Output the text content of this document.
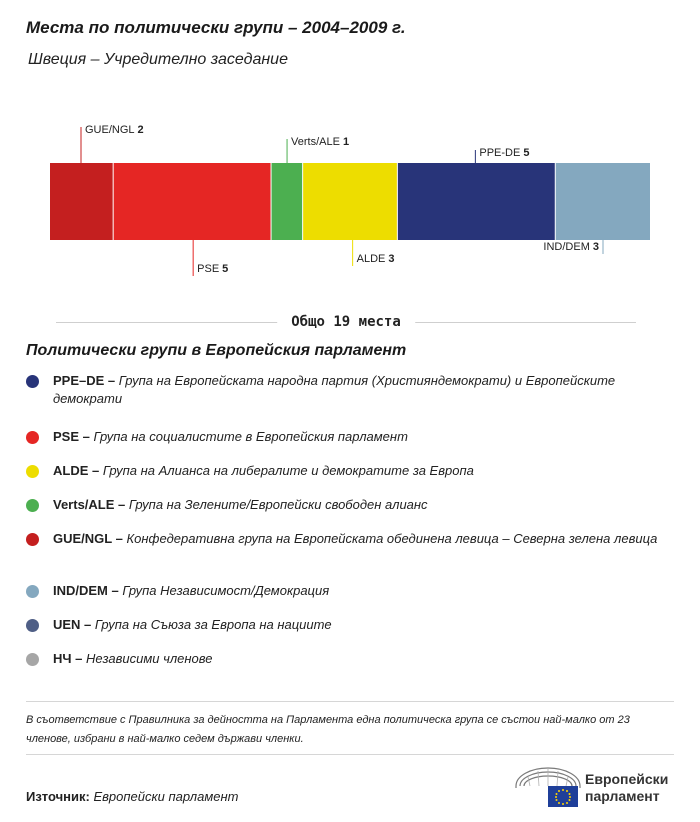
Места по политически групи – 2004–2009 г.
Швеция – Учредително заседание
GUE/NGL 2
PSE 5
Verts/ALE 1
ALDE 3
PPE-DE 5
IND/DEM 3
Общо 19 места
Политически групи в Европейския парламент
PPE–DE – Група на Европейската народна партия (Християндемократи) и Европейските демократи
PSE – Група на социалистите в Европейския парламент
ALDE – Група на Алианса на либералите и демократите за Европа
Verts/ALE – Група на Зелените/Европейски свободен алианс
GUE/NGL – Конфедеративна група на Европейската обединена левица – Северна зелена левица
IND/DEM – Група Независимост/Демокрация
UEN – Група на Съюза за Европа на нациите
НЧ – Независими членове
В съответствие с Правилника за дейността на Парламента една политическа група се състои най-малко от 23 членове, избрани в най-малко седем държави членки.
Източник: Европейски парламент
Европейски
парламент
